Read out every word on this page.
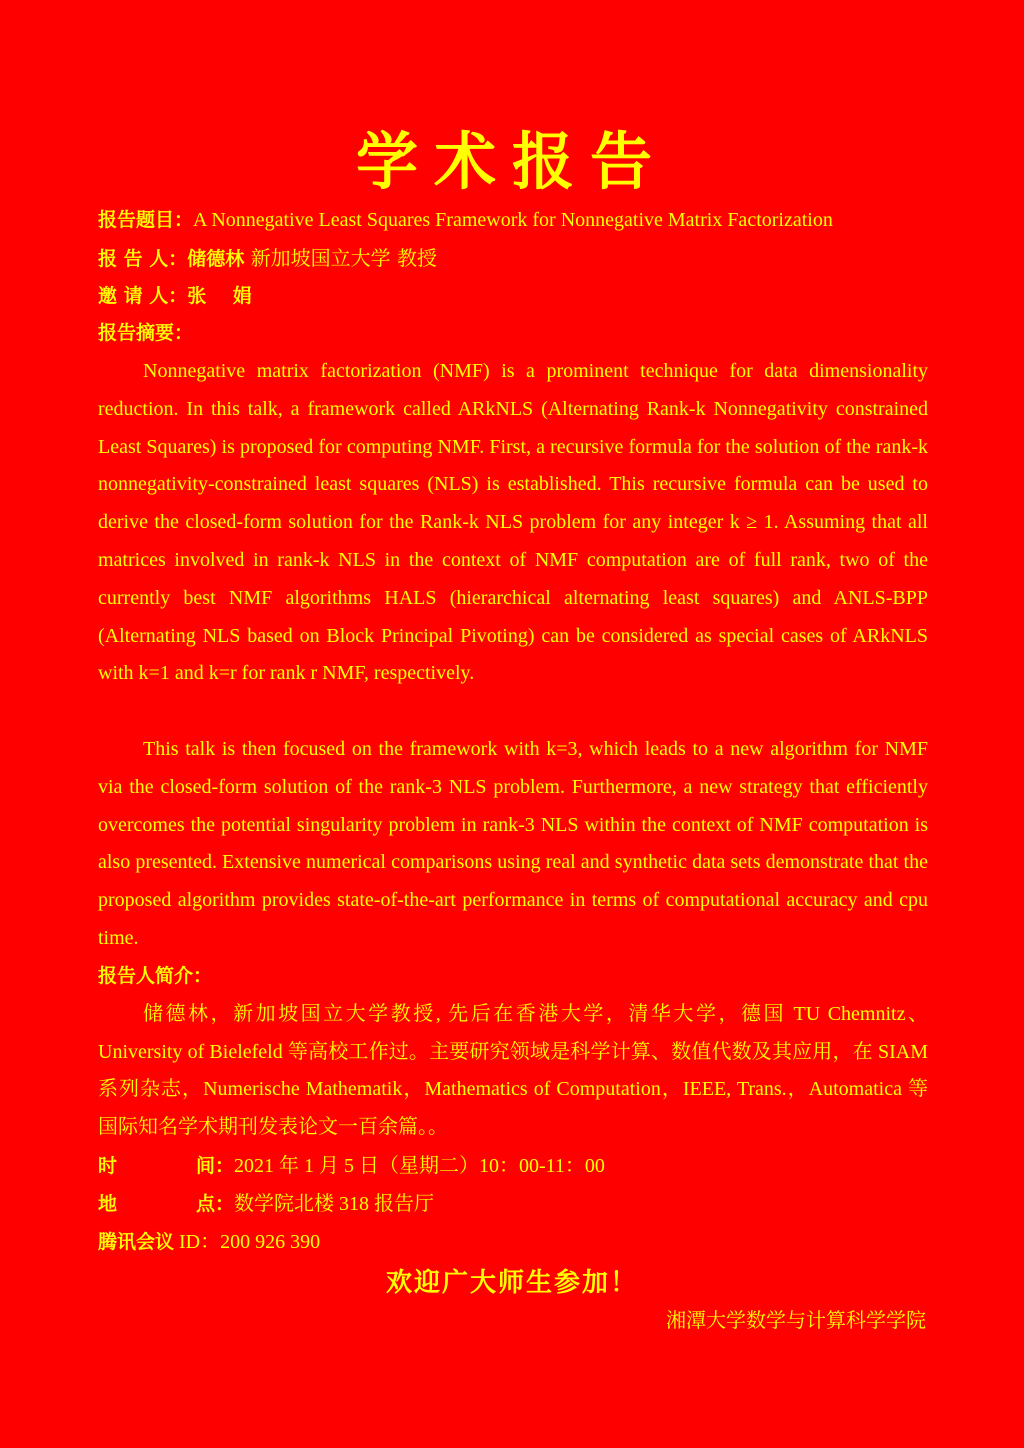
学术报告
报告题目：A Nonnegative Least Squares Framework for Nonnegative Matrix Factorization
报 告 人：储德林 新加坡国立大学 教授
邀 请 人：张    娟
报告摘要：
Nonnegative matrix factorization (NMF) is a prominent technique for data dimensionality reduction. In this talk, a framework called ARkNLS (Alternating Rank-k Nonnegativity constrained Least Squares) is proposed for computing NMF. First, a recursive formula for the solution of the rank-k nonnegativity-constrained least squares (NLS) is established. This recursive formula can be used to derive the closed-form solution for the Rank-k NLS problem for any integer k ≥ 1. Assuming that all matrices involved in rank-k NLS in the context of NMF computation are of full rank, two of the currently best NMF algorithms HALS (hierarchical alternating least squares) and ANLS-BPP (Alternating NLS based on Block Principal Pivoting) can be considered as special cases of ARkNLS with k=1 and k=r for rank r NMF, respectively.
This talk is then focused on the framework with k=3, which leads to a new algorithm for NMF via the closed-form solution of the rank-3 NLS problem. Furthermore, a new strategy that efficiently overcomes the potential singularity problem in rank-3 NLS within the context of NMF computation is also presented. Extensive numerical comparisons using real and synthetic data sets demonstrate that the proposed algorithm provides state-of-the-art performance in terms of computational accuracy and cpu time.
报告人简介：
储德林，新加坡国立大学教授, 先后在香港大学，清华大学，德国 TU Chemnitz、University of Bielefeld 等高校工作过。主要研究领域是科学计算、数值代数及其应用，在 SIAM 系列杂志，Numerische Mathematik，Mathematics of Computation，IEEE, Trans.，Automatica 等国际知名学术期刊发表论文一百余篇。。
时	间：2021 年 1 月 5 日（星期二）10：00-11：00
地	点：数学院北楼 318 报告厅
腾讯会议 ID：200 926 390
欢迎广大师生参加！
湘潭大学数学与计算科学学院
